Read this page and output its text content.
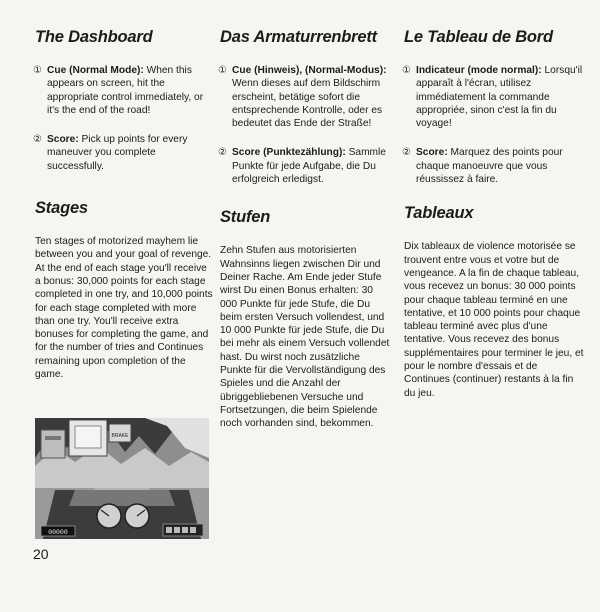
The Dashboard
① Cue (Normal Mode): When this appears on screen, hit the appropriate control immediately, or it's the end of the road!
② Score: Pick up points for every maneuver you complete successfully.
Stages

Ten stages of motorized mayhem lie between you and your goal of revenge. At the end of each stage you'll receive a bonus: 30,000 points for each stage completed in one try, and 10,000 points for each stage completed with more than one try. You'll receive extra bonuses for completing the game, and for the number of tries and Continues remaining upon completion of the game.

Das Armaturrenbrett
① Cue (Hinweis), (Normal-Modus): Wenn dieses auf dem Bildschirm erscheint, betätige sofort die entsprechende Kontrolle, oder es bedeutet das Ende der Straße!
② Score (Punktezählung): Sammle Punkte für jede Aufgabe, die Du erfolgreich erledigst.
Stufen

Zehn Stufen aus motorisierten Wahnsinns liegen zwischen Dir und Deiner Rache. Am Ende jeder Stufe wirst Du einen Bonus erhalten: 30 000 Punkte für jede Stufe, die Du beim ersten Versuch vollendest, und 10 000 Punkte für jede Stufe, die Du bei mehr als einem Versuch vollendet hast. Du wirst noch zusätzliche Punkte für die Vervollständigung des Spieles und die Anzahl der übriggebliebenen Versuche und Fortsetzungen, die beim Spielende noch vorhanden sind, bekommen.

Le Tableau de Bord
① Indicateur (mode normal): Lorsqu'il apparaît à l'écran, utilisez immédiatement la commande appropriée, sinon c'est la fin du voyage!
② Score: Marquez des points pour chaque manoeuvre que vous réussissez à faire.
Tableaux

Dix tableaux de violence motorisée se trouvent entre vous et votre but de vengeance. A la fin de chaque tableau, vous recevez un bonus: 30 000 points pour chaque tableau terminé en une tentative, et 10 000 points pour chaque tableau terminé avec plus d'une tentative. Vous recevez des bonus supplémentaires pour terminer le jeu, et pour le nombre d'essais et de Continues (continuer) restants à la fin du jeu.

BRAKE
00000
20
